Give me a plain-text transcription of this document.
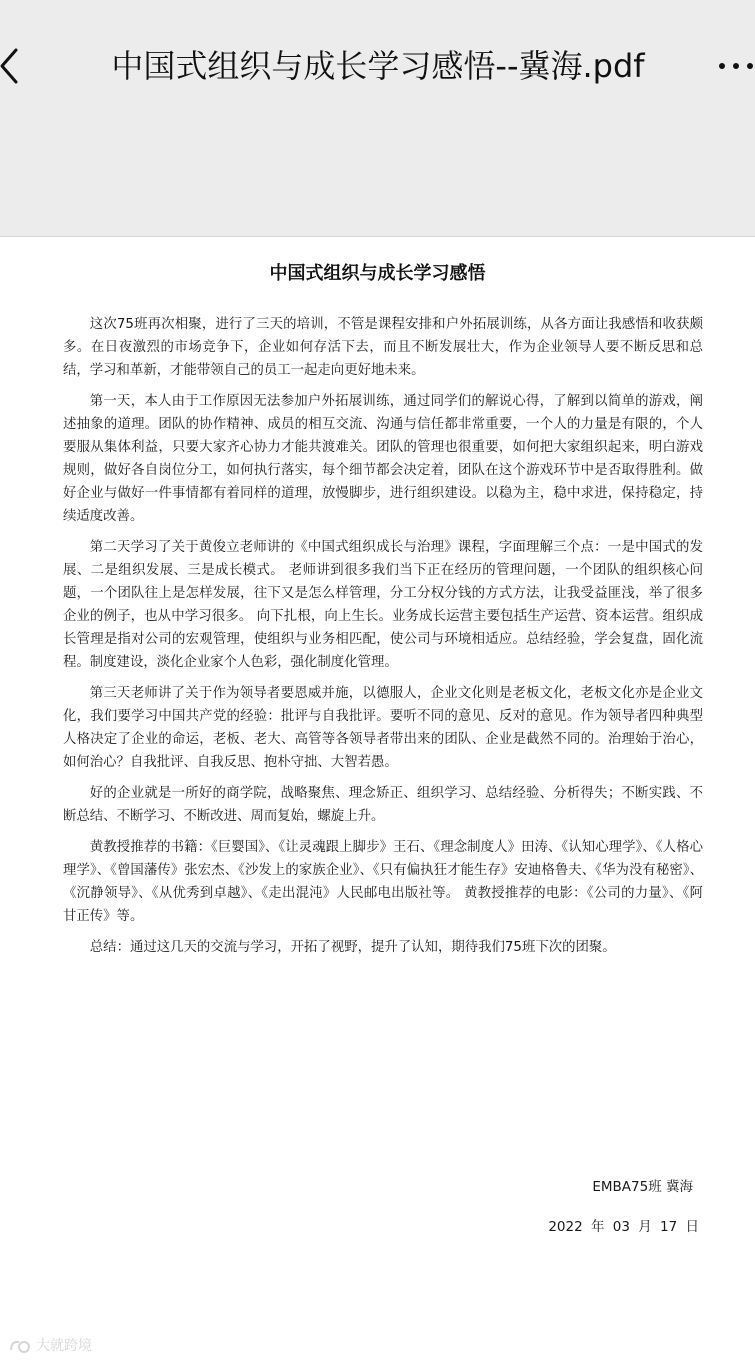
中国式组织与成长学习感悟--冀海.pdf
中国式组织与成长学习感悟

这次75班再次相聚，进行了三天的培训，不管是课程安排和户外拓展训练，从各方面让我感悟和收获颇多。在日夜激烈的市场竞争下，企业如何存活下去，而且不断发展壮大，作为企业领导人要不断反思和总结，学习和革新，才能带领自己的员工一起走向更好地未来。

第一天，本人由于工作原因无法参加户外拓展训练，通过同学们的解说心得，了解到以简单的游戏，阐述抽象的道理。团队的协作精神、成员的相互交流、沟通与信任都非常重要，一个人的力量是有限的，个人要服从集体利益，只要大家齐心协力才能共渡难关。团队的管理也很重要，如何把大家组织起来，明白游戏规则，做好各自岗位分工，如何执行落实，每个细节都会决定着，团队在这个游戏环节中是否取得胜利。做好企业与做好一件事情都有着同样的道理，放慢脚步，进行组织建设。以稳为主，稳中求进，保持稳定，持续适度改善。

第二天学习了关于黄俊立老师讲的《中国式组织成长与治理》课程，字面理解三个点：一是中国式的发展、二是组织发展、三是成长模式。 老师讲到很多我们当下正在经历的管理问题，一个团队的组织核心问题，一个团队往上是怎样发展，往下又是怎么样管理，分工分权分钱的方式方法，让我受益匪浅，举了很多企业的例子，也从中学习很多。 向下扎根，向上生长。业务成长运营主要包括生产运营、资本运营。组织成长管理是指对公司的宏观管理，使组织与业务相匹配，使公司与环境相适应。总结经验，学会复盘，固化流程。制度建设，淡化企业家个人色彩，强化制度化管理。

第三天老师讲了关于作为领导者要恩威并施，以德服人，企业文化则是老板文化，老板文化亦是企业文化，我们要学习中国共产党的经验：批评与自我批评。要听不同的意见、反对的意见。作为领导者四种典型人格决定了企业的命运，老板、老大、高管等各领导者带出来的团队、企业是截然不同的。治理始于治心，如何治心？自我批评、自我反思、抱朴守拙、大智若愚。

好的企业就是一所好的商学院，战略聚焦、理念矫正、组织学习、总结经验、分析得失；不断实践、不断总结、不断学习、不断改进、周而复始，螺旋上升。

黄教授推荐的书籍：《巨婴国》、《让灵魂跟上脚步》王石、《理念制度人》田涛、《认知心理学》、《人格心理学》、《曾国藩传》张宏杰、《沙发上的家族企业》、《只有偏执狂才能生存》安迪格鲁夫、《华为没有秘密》、《沉静领导》、《从优秀到卓越》、《走出混沌》人民邮电出版社等。 黄教授推荐的电影：《公司的力量》、《阿甘正传》等。

总结：通过这几天的交流与学习，开拓了视野，提升了认知，期待我们75班下次的团聚。

EMBA75班 冀海
2022 年 03 月 17 日
大就跨境
